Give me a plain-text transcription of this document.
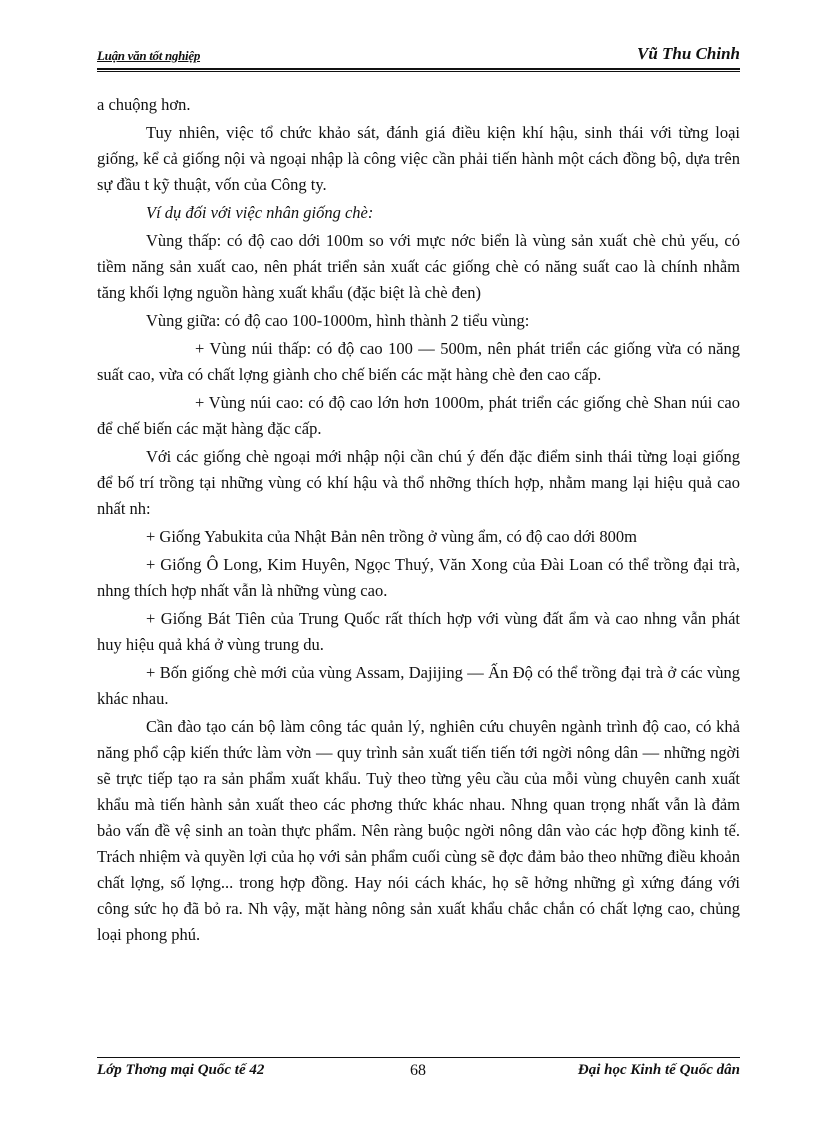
Luận văn tốt nghiệp	Vũ Thu Chinh

a chuộng hơn.

Tuy nhiên, việc tổ chức khảo sát, đánh giá điều kiện khí hậu, sinh thái với từng loại giống, kể cả giống nội và ngoại nhập là công việc cần phải tiến hành một cách đồng bộ, dựa trên sự đầu t kỹ thuật, vốn của Công ty.

Ví dụ đối với việc nhân giống chè:

Vùng thấp: có độ cao dới 100m so với mực nớc biển là vùng sản xuất chè chủ yếu, có tiềm năng sản xuất cao, nên phát triển sản xuất các giống chè có năng suất cao là chính nhằm tăng khối lợng nguồn hàng xuất khẩu (đặc biệt là chè đen)

Vùng giữa: có độ cao 100-1000m, hình thành 2 tiểu vùng:

+ Vùng núi thấp: có độ cao 100 — 500m, nên phát triển các giống vừa có năng suất cao, vừa có chất lợng giành cho chế biến các mặt hàng chè đen cao cấp.

+ Vùng núi cao: có độ cao lớn hơn 1000m, phát triển các giống chè Shan núi cao để chế biến các mặt hàng đặc cấp.

Với các giống chè ngoại mới nhập nội cần chú ý đến đặc điểm sinh thái từng loại giống để bố trí trồng tại những vùng có khí hậu và thổ nhỡng thích hợp, nhằm mang lại hiệu quả cao nhất nh:

+ Giống Yabukita của Nhật Bản nên trồng ở vùng ẩm, có độ cao dới 800m

+ Giống Ô Long, Kim Huyên, Ngọc Thuý, Văn Xong của Đài Loan có thể trồng đại trà, nhng thích hợp nhất vẫn là những vùng cao.

+ Giống Bát Tiên của Trung Quốc rất thích hợp với vùng đất ẩm và cao nhng vẫn phát huy hiệu quả khá ở vùng trung du.

+ Bốn giống chè mới của vùng Assam, Dajijing — Ấn Độ có thể trồng đại trà ở các vùng khác nhau.

Cần đào tạo cán bộ làm công tác quản lý, nghiên cứu chuyên ngành trình độ cao, có khả năng phổ cập kiến thức làm vờn — quy trình sản xuất tiến tiến tới ngời nông dân — những ngời sẽ trực tiếp tạo ra sản phẩm xuất khẩu. Tuỳ theo từng yêu cầu của mỗi vùng chuyên canh xuất khẩu mà tiến hành sản xuất theo các phơng thức khác nhau. Nhng quan trọng nhất vẫn là đảm bảo vấn đề vệ sinh an toàn thực phẩm. Nên ràng buộc ngời nông dân vào các hợp đồng kinh tế. Trách nhiệm và quyền lợi của họ với sản phẩm cuối cùng sẽ đợc đảm bảo theo những điều khoản chất lợng, số lợng... trong hợp đồng. Hay nói cách khác, họ sẽ hởng những gì xứng đáng với công sức họ đã bỏ ra. Nh vậy, mặt hàng nông sản xuất khẩu chắc chắn có chất lợng cao, chủng loại phong phú.

Lớp Thơng mại Quốc tế 42	68	Đại học Kinh tế Quốc dân
